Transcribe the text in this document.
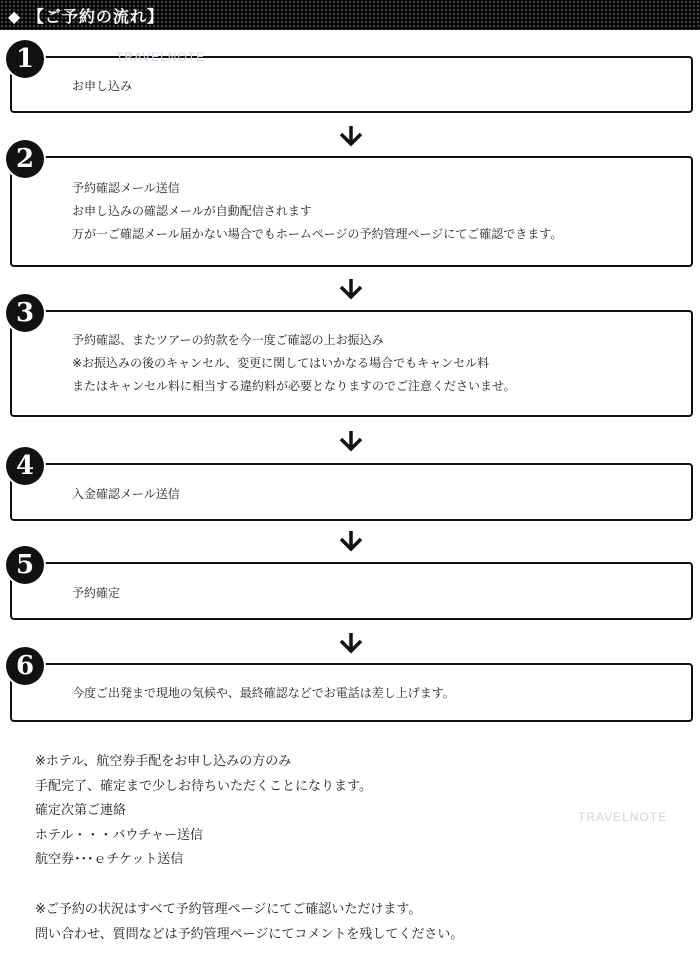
◆ 【ご予約の流れ】
1
お申し込み
TRAVELNOTE
2
予約確認メール送信
お申し込みの確認メールが自動配信されます
万が一ご確認メール届かない場合でもホームページの予約管理ページにてご確認できます。
3
予約確認、またツアーの約款を今一度ご確認の上お振込み
※お振込みの後のキャンセル、変更に関してはいかなる場合でもキャンセル料
またはキャンセル料に相当する違約料が必要となりますのでご注意くださいませ。
4
入金確認メール送信
5
予約確定
6
今度ご出発まで現地の気候や、最終確認などでお電話は差し上げます。
※ホテル、航空券手配をお申し込みの方のみ
手配完了、確定まで少しお待ちいただくことになります。
確定次第ご連絡
ホテル・・・バウチャー送信
航空券･･･ｅチケット送信
TRAVELNOTE
※ご予約の状況はすべて予約管理ページにてご確認いただけます。
問い合わせ、質問などは予約管理ページにてコメントを残してください。
